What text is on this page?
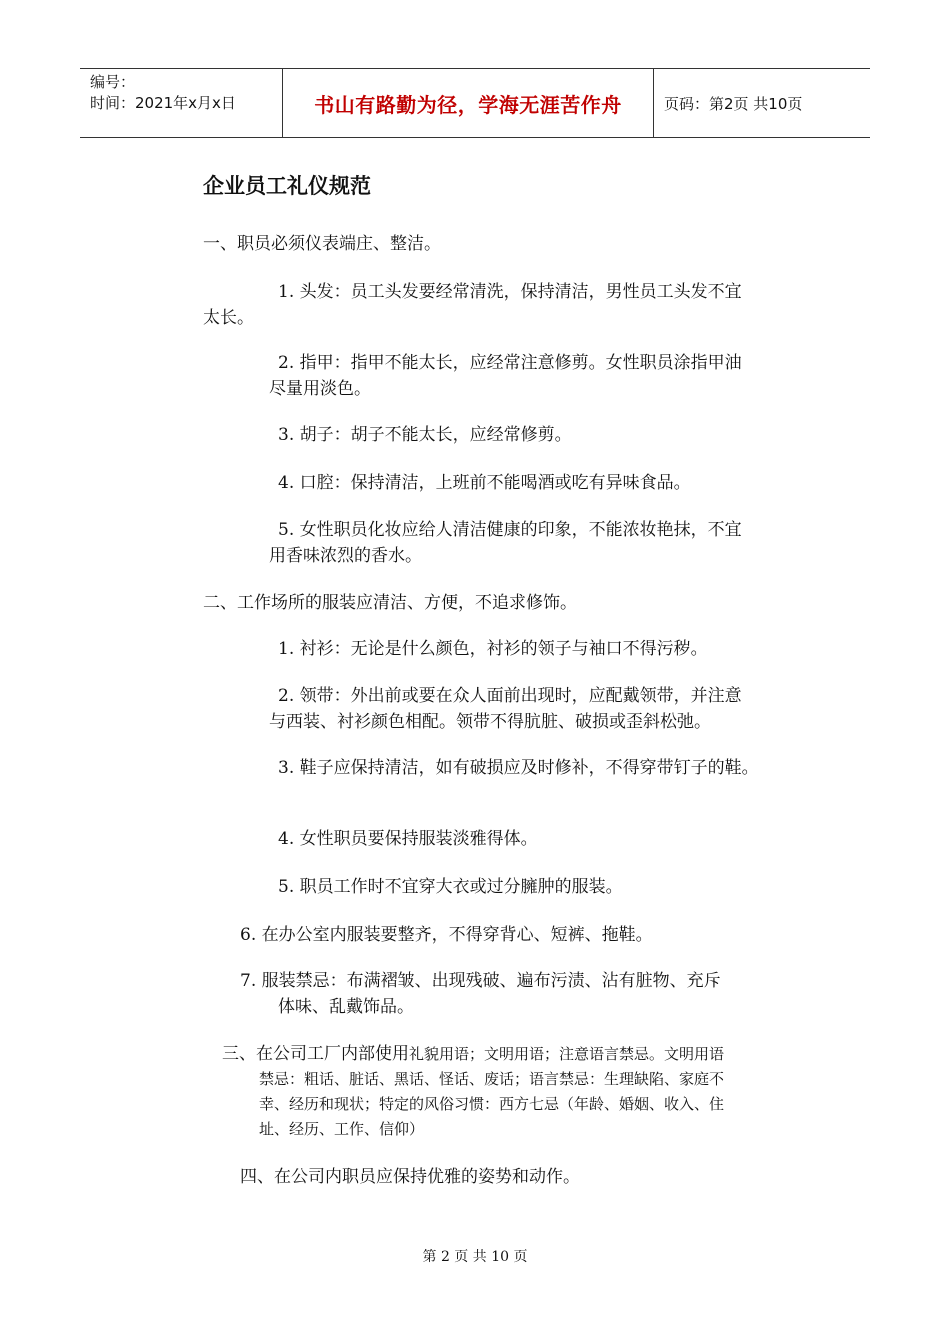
编号：
时间：2021年x月x日	书山有路勤为径，学海无涯苦作舟	页码：第2页 共10页
企业员工礼仪规范
一、职员必须仪表端庄、整洁。
1. 头发：员工头发要经常清洗，保持清洁，男性员工头发不宜
太长。
2. 指甲：指甲不能太长，应经常注意修剪。女性职员涂指甲油
尽量用淡色。
3. 胡子：胡子不能太长，应经常修剪。
4. 口腔：保持清洁，上班前不能喝酒或吃有异味食品。
5. 女性职员化妆应给人清洁健康的印象，不能浓妆艳抹，不宜
用香味浓烈的香水。
二、工作场所的服装应清洁、方便，不追求修饰。
1. 衬衫：无论是什么颜色，衬衫的领子与袖口不得污秽。
2. 领带：外出前或要在众人面前出现时，应配戴领带，并注意
与西装、衬衫颜色相配。领带不得肮脏、破损或歪斜松弛。
3. 鞋子应保持清洁，如有破损应及时修补，不得穿带钉子的鞋。
4. 女性职员要保持服装淡雅得体。
5. 职员工作时不宜穿大衣或过分臃肿的服装。
6. 在办公室内服装要整齐，不得穿背心、短裤、拖鞋。
7. 服装禁忌：布满褶皱、出现残破、遍布污渍、沾有脏物、充斥
体味、乱戴饰品。
三、在公司工厂内部使用礼貌用语；文明用语；注意语言禁忌。文明用语
禁忌：粗话、脏话、黑话、怪话、废话；语言禁忌：生理缺陷、家庭不
幸、经历和现状；特定的风俗习惯：西方七忌（年龄、婚姻、收入、住
址、经历、工作、信仰）
四、在公司内职员应保持优雅的姿势和动作。
第 2 页 共 10 页
